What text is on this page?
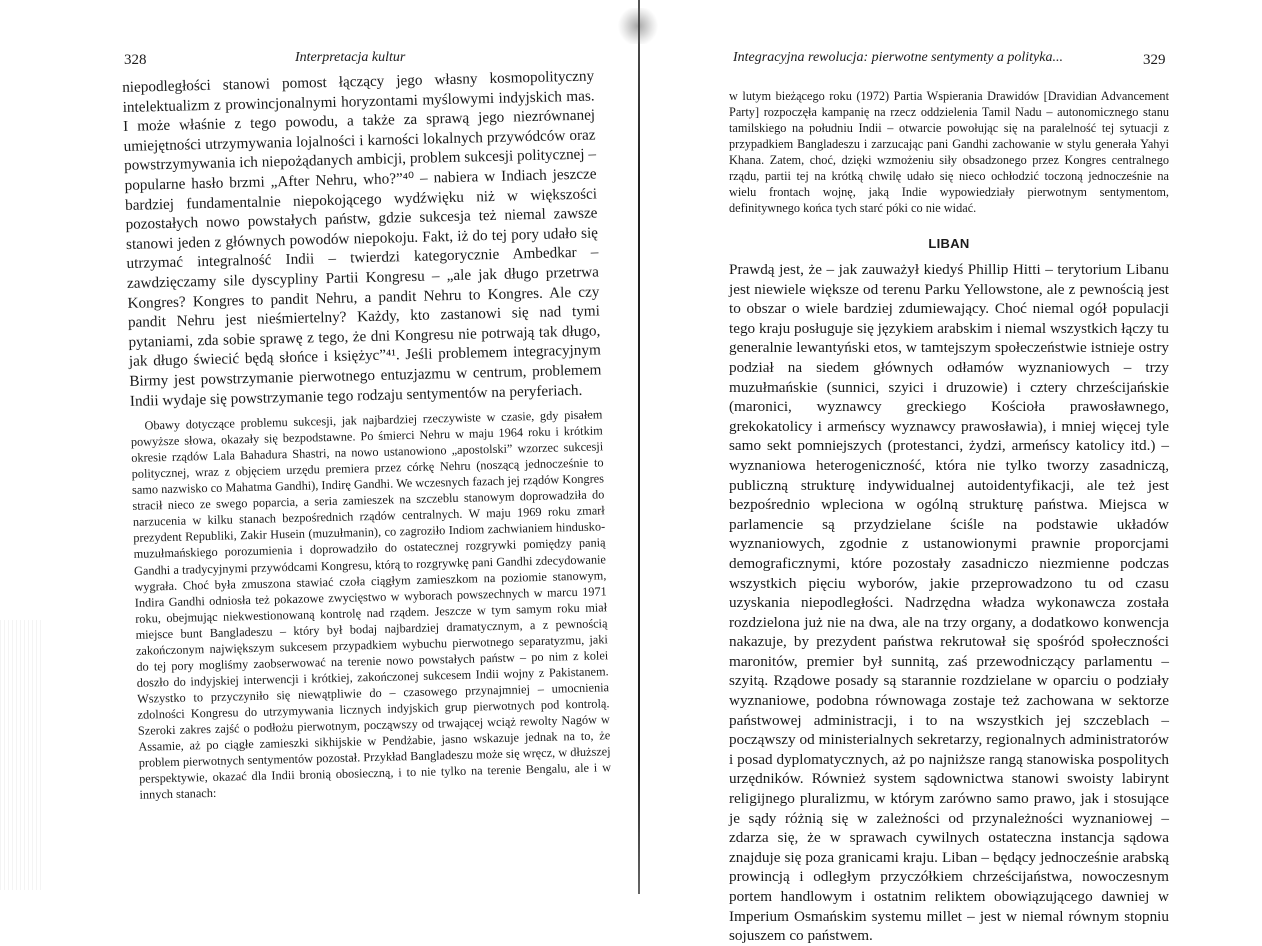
328	Interpretacja kultur

niepodległości stanowi pomost łączący jego własny kosmopolityczny intelektualizm z prowincjonalnymi horyzontami myślowymi indyjskich mas. I może właśnie z tego powodu, a także za sprawą jego niezrównanej umiejętności utrzymywania lojalności i karności lokalnych przywódców oraz powstrzymywania ich niepożądanych ambicji, problem sukcesji politycznej – popularne hasło brzmi „After Nehru, who?”⁴⁰ – nabiera w Indiach jeszcze bardziej fundamentalnie niepokojącego wydźwięku niż w większości pozostałych nowo powstałych państw, gdzie sukcesja też niemal zawsze stanowi jeden z głównych powodów niepokoju. Fakt, iż do tej pory udało się utrzymać integralność Indii – twierdzi kategorycznie Ambedkar – zawdzięczamy sile dyscypliny Partii Kongresu – „ale jak długo przetrwa Kongres? Kongres to pandit Nehru, a pandit Nehru to Kongres. Ale czy pandit Nehru jest nieśmiertelny? Każdy, kto zastanowi się nad tymi pytaniami, zda sobie sprawę z tego, że dni Kongresu nie potrwają tak długo, jak długo świecić będą słońce i księżyc”⁴¹. Jeśli problemem integracyjnym Birmy jest powstrzymanie pierwotnego entuzjazmu w centrum, problemem Indii wydaje się powstrzymanie tego rodzaju sentymentów na peryferiach.

Obawy dotyczące problemu sukcesji, jak najbardziej rzeczywiste w czasie, gdy pisałem powyższe słowa, okazały się bezpodstawne. Po śmierci Nehru w maju 1964 roku i krótkim okresie rządów Lala Bahadura Shastri, na nowo ustanowiono „apostolski” wzorzec sukcesji politycznej, wraz z objęciem urzędu premiera przez córkę Nehru (noszącą jednocześnie to samo nazwisko co Mahatma Gandhi), Indirę Gandhi. We wczesnych fazach jej rządów Kongres stracił nieco ze swego poparcia, a seria zamieszek na szczeblu stanowym doprowadziła do narzucenia w kilku stanach bezpośrednich rządów centralnych. W maju 1969 roku zmarł prezydent Republiki, Zakir Husein (muzułmanin), co zagroziło Indiom zachwianiem hindusko-muzułmańskiego porozumienia i doprowadziło do ostatecznej rozgrywki pomiędzy panią Gandhi a tradycyjnymi przywódcami Kongresu, którą to rozgrywkę pani Gandhi zdecydowanie wygrała. Choć była zmuszona stawiać czoła ciągłym zamieszkom na poziomie stanowym, Indira Gandhi odniosła też pokazowe zwycięstwo w wyborach powszechnych w marcu 1971 roku, obejmując niekwestionowaną kontrolę nad rządem. Jeszcze w tym samym roku miał miejsce bunt Bangladeszu – który był bodaj najbardziej dramatycznym, a z pewnością zakończonym największym sukcesem przypadkiem wybuchu pierwotnego separatyzmu, jaki do tej pory mogliśmy zaobserwować na terenie nowo powstałych państw – po nim z kolei doszło do indyjskiej interwencji i krótkiej, zakończonej sukcesem Indii wojny z Pakistanem. Wszystko to przyczyniło się niewątpliwie do – czasowego przynajmniej – umocnienia zdolności Kongresu do utrzymywania licznych indyjskich grup pierwotnych pod kontrolą. Szeroki zakres zajść o podłożu pierwotnym, począwszy od trwającej wciąż rewolty Nagów w Assamie, aż po ciągłe zamieszki sikhijskie w Pendżabie, jasno wskazuje jednak na to, że problem pierwotnych sentymentów pozostał. Przykład Bangladeszu może się wręcz, w dłuższej perspektywie, okazać dla Indii bronią obosieczną, i to nie tylko na terenie Bengalu, ale i w innych stanach:

Integracyjna rewolucja: pierwotne sentymenty a polityka...	329

w lutym bieżącego roku (1972) Partia Wspierania Drawidów [Dravidian Advancement Party] rozpoczęła kampanię na rzecz oddzielenia Tamil Nadu – autonomicznego stanu tamilskiego na południu Indii – otwarcie powołując się na paralelność tej sytuacji z przypadkiem Bangladeszu i zarzucając pani Gandhi zachowanie w stylu generała Yahyi Khana. Zatem, choć, dzięki wzmożeniu siły obsadzonego przez Kongres centralnego rządu, partii tej na krótką chwilę udało się nieco ochłodzić toczoną jednocześnie na wielu frontach wojnę, jaką Indie wypowiedziały pierwotnym sentymentom, definitywnego końca tych starć póki co nie widać.

LIBAN

Prawdą jest, że – jak zauważył kiedyś Phillip Hitti – terytorium Libanu jest niewiele większe od terenu Parku Yellowstone, ale z pewnością jest to obszar o wiele bardziej zdumiewający. Choć niemal ogół populacji tego kraju posługuje się językiem arabskim i niemal wszystkich łączy tu generalnie lewantyński etos, w tamtejszym społeczeństwie istnieje ostry podział na siedem głównych odłamów wyznaniowych – trzy muzułmańskie (sunnici, szyici i druzowie) i cztery chrześcijańskie (maronici, wyznawcy greckiego Kościoła prawosławnego, grekokatolicy i armeńscy wyznawcy prawosławia), i mniej więcej tyle samo sekt pomniejszych (protestanci, żydzi, armeńscy katolicy itd.) – wyznaniowa heterogeniczność, która nie tylko tworzy zasadniczą, publiczną strukturę indywidualnej autoidentyfikacji, ale też jest bezpośrednio wpleciona w ogólną strukturę państwa. Miejsca w parlamencie są przydzielane ściśle na podstawie układów wyznaniowych, zgodnie z ustanowionymi prawnie proporcjami demograficznymi, które pozostały zasadniczo niezmienne podczas wszystkich pięciu wyborów, jakie przeprowadzono tu od czasu uzyskania niepodległości. Nadrzędna władza wykonawcza została rozdzielona już nie na dwa, ale na trzy organy, a dodatkowo konwencja nakazuje, by prezydent państwa rekrutował się spośród społeczności maronitów, premier był sunnitą, zaś przewodniczący parlamentu – szyitą. Rządowe posady są starannie rozdzielane w oparciu o podziały wyznaniowe, podobna równowaga zostaje też zachowana w sektorze państwowej administracji, i to na wszystkich jej szczeblach – począwszy od ministerialnych sekretarzy, regionalnych administratorów i posad dyplomatycznych, aż po najniższe rangą stanowiska pospolitych urzędników. Również system sądownictwa stanowi swoisty labirynt religijnego pluralizmu, w którym zarówno samo prawo, jak i stosujące je sądy różnią się w zależności od przynależności wyznaniowej – zdarza się, że w sprawach cywilnych ostateczna instancja sądowa znajduje się poza granicami kraju. Liban – będący jednocześnie arabską prowincją i odległym przyczółkiem chrześcijaństwa, nowoczesnym portem handlowym i ostatnim reliktem obowiązującego dawniej w Imperium Osmańskim systemu millet – jest w niemal równym stopniu sojuszem co państwem.
